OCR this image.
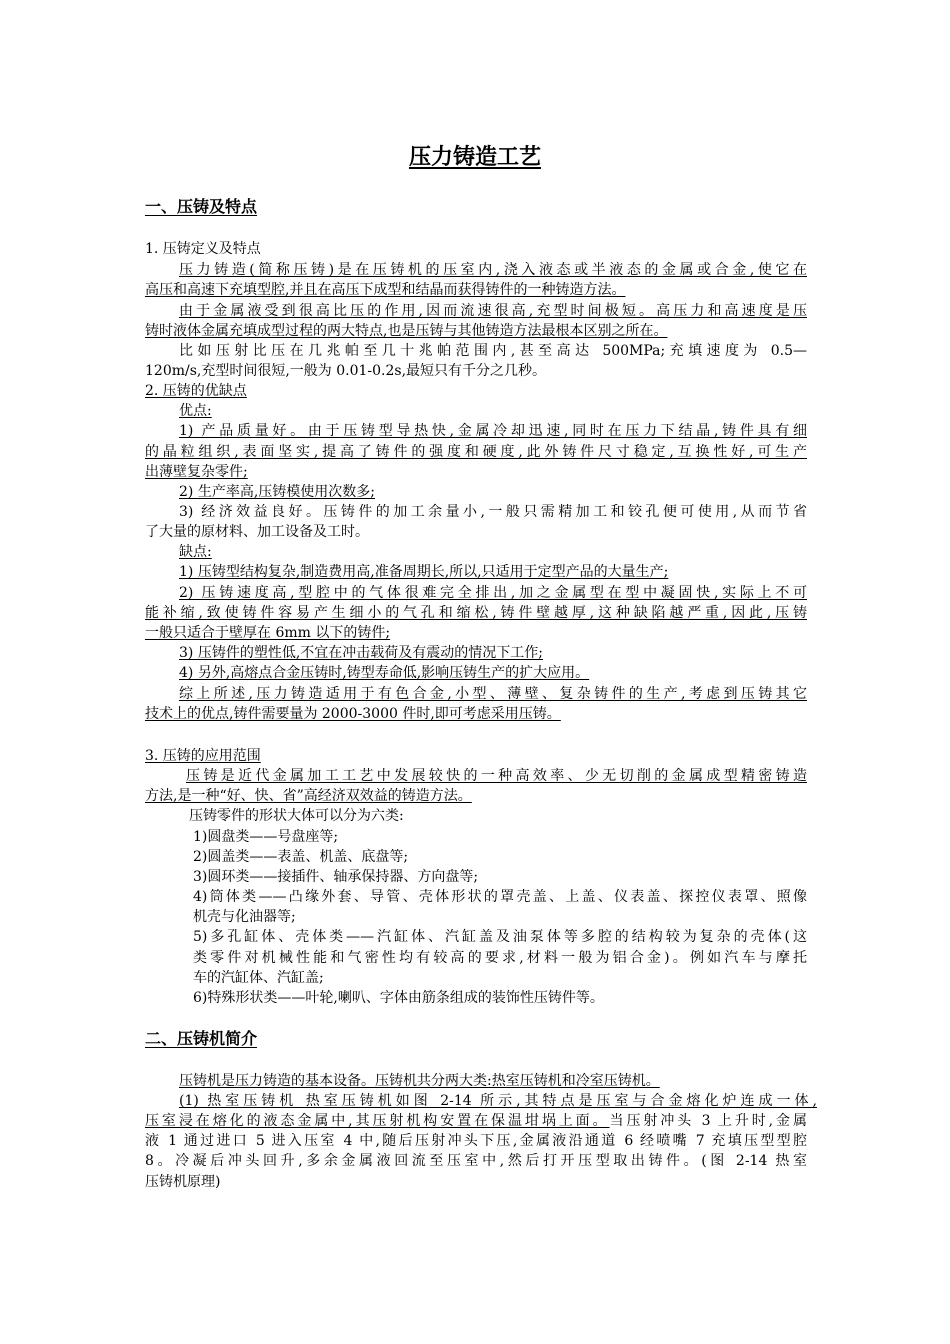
压力铸造工艺
一、压铸及特点
1. 压铸定义及特点
压力铸造(简称压铸)是在压铸机的压室内,浇入液态或半液态的金属或合金,使它在
高压和高速下充填型腔,并且在高压下成型和结晶而获得铸件的一种铸造方法。
由于金属液受到很高比压的作用,因而流速很高,充型时间极短。高压力和高速度是压
铸时液体金属充填成型过程的两大特点,也是压铸与其他铸造方法最根本区别之所在。
比如压射比压在几兆帕至几十兆帕范围内,甚至高达 500MPa;充填速度为 0.5—
120m/s,充型时间很短,一般为 0.01-0.2s,最短只有千分之几秒。
2. 压铸的优缺点
优点:
1) 产品质量好。由于压铸型导热快,金属冷却迅速,同时在压力下结晶,铸件具有细
的晶粒组织,表面坚实,提高了铸件的强度和硬度,此外铸件尺寸稳定,互换性好,可生产
出薄壁复杂零件;
2) 生产率高,压铸模使用次数多;
3) 经济效益良好。压铸件的加工余量小,一般只需精加工和铰孔便可使用,从而节省
了大量的原材料、加工设备及工时。
缺点:
1) 压铸型结构复杂,制造费用高,准备周期长,所以,只适用于定型产品的大量生产;
2) 压铸速度高,型腔中的气体很难完全排出,加之金属型在型中凝固快,实际上不可
能补缩,致使铸件容易产生细小的气孔和缩松,铸件壁越厚,这种缺陷越严重,因此,压铸
一般只适合于壁厚在 6mm 以下的铸件;
3) 压铸件的塑性低,不宜在冲击载荷及有震动的情况下工作;
4) 另外,高熔点合金压铸时,铸型寿命低,影响压铸生产的扩大应用。
综上所述,压力铸造适用于有色合金,小型、薄壁、复杂铸件的生产,考虑到压铸其它
技术上的优点,铸件需要量为 2000-3000 件时,即可考虑采用压铸。
3. 压铸的应用范围
压铸是近代金属加工工艺中发展较快的一种高效率、少无切削的金属成型精密铸造
方法,是一种“好、快、省”高经济双效益的铸造方法。
压铸零件的形状大体可以分为六类:
1)圆盘类——号盘座等;
2)圆盖类——表盖、机盖、底盘等;
3)圆环类——接插件、轴承保持器、方向盘等;
4)筒体类——凸缘外套、导管、壳体形状的罩壳盖、上盖、仪表盖、探控仪表罩、照像
机壳与化油器等;
5)多孔缸体、壳体类——汽缸体、汽缸盖及油泵体等多腔的结构较为复杂的壳体(这
类零件对机械性能和气密性均有较高的要求,材料一般为铝合金)。例如汽车与摩托
车的汽缸体、汽缸盖;
6)特殊形状类——叶轮,喇叭、字体由筋条组成的装饰性压铸件等。
二、压铸机简介
压铸机是压力铸造的基本设备。压铸机共分两大类:热室压铸机和冷室压铸机。
(1) 热室压铸机 热室压铸机如图 2-14 所示,其特点是压室与合金熔化炉连成一体,
压室浸在熔化的液态金属中,其压射机构安置在保温坩埚上面。当压射冲头 3 上升时,金属
液 1 通过进口 5 进入压室 4 中,随后压射冲头下压,金属液沿通道 6 经喷嘴 7 充填压型型腔
8。冷凝后冲头回升,多余金属液回流至压室中,然后打开压型取出铸件。(图 2-14 热室
压铸机原理)
